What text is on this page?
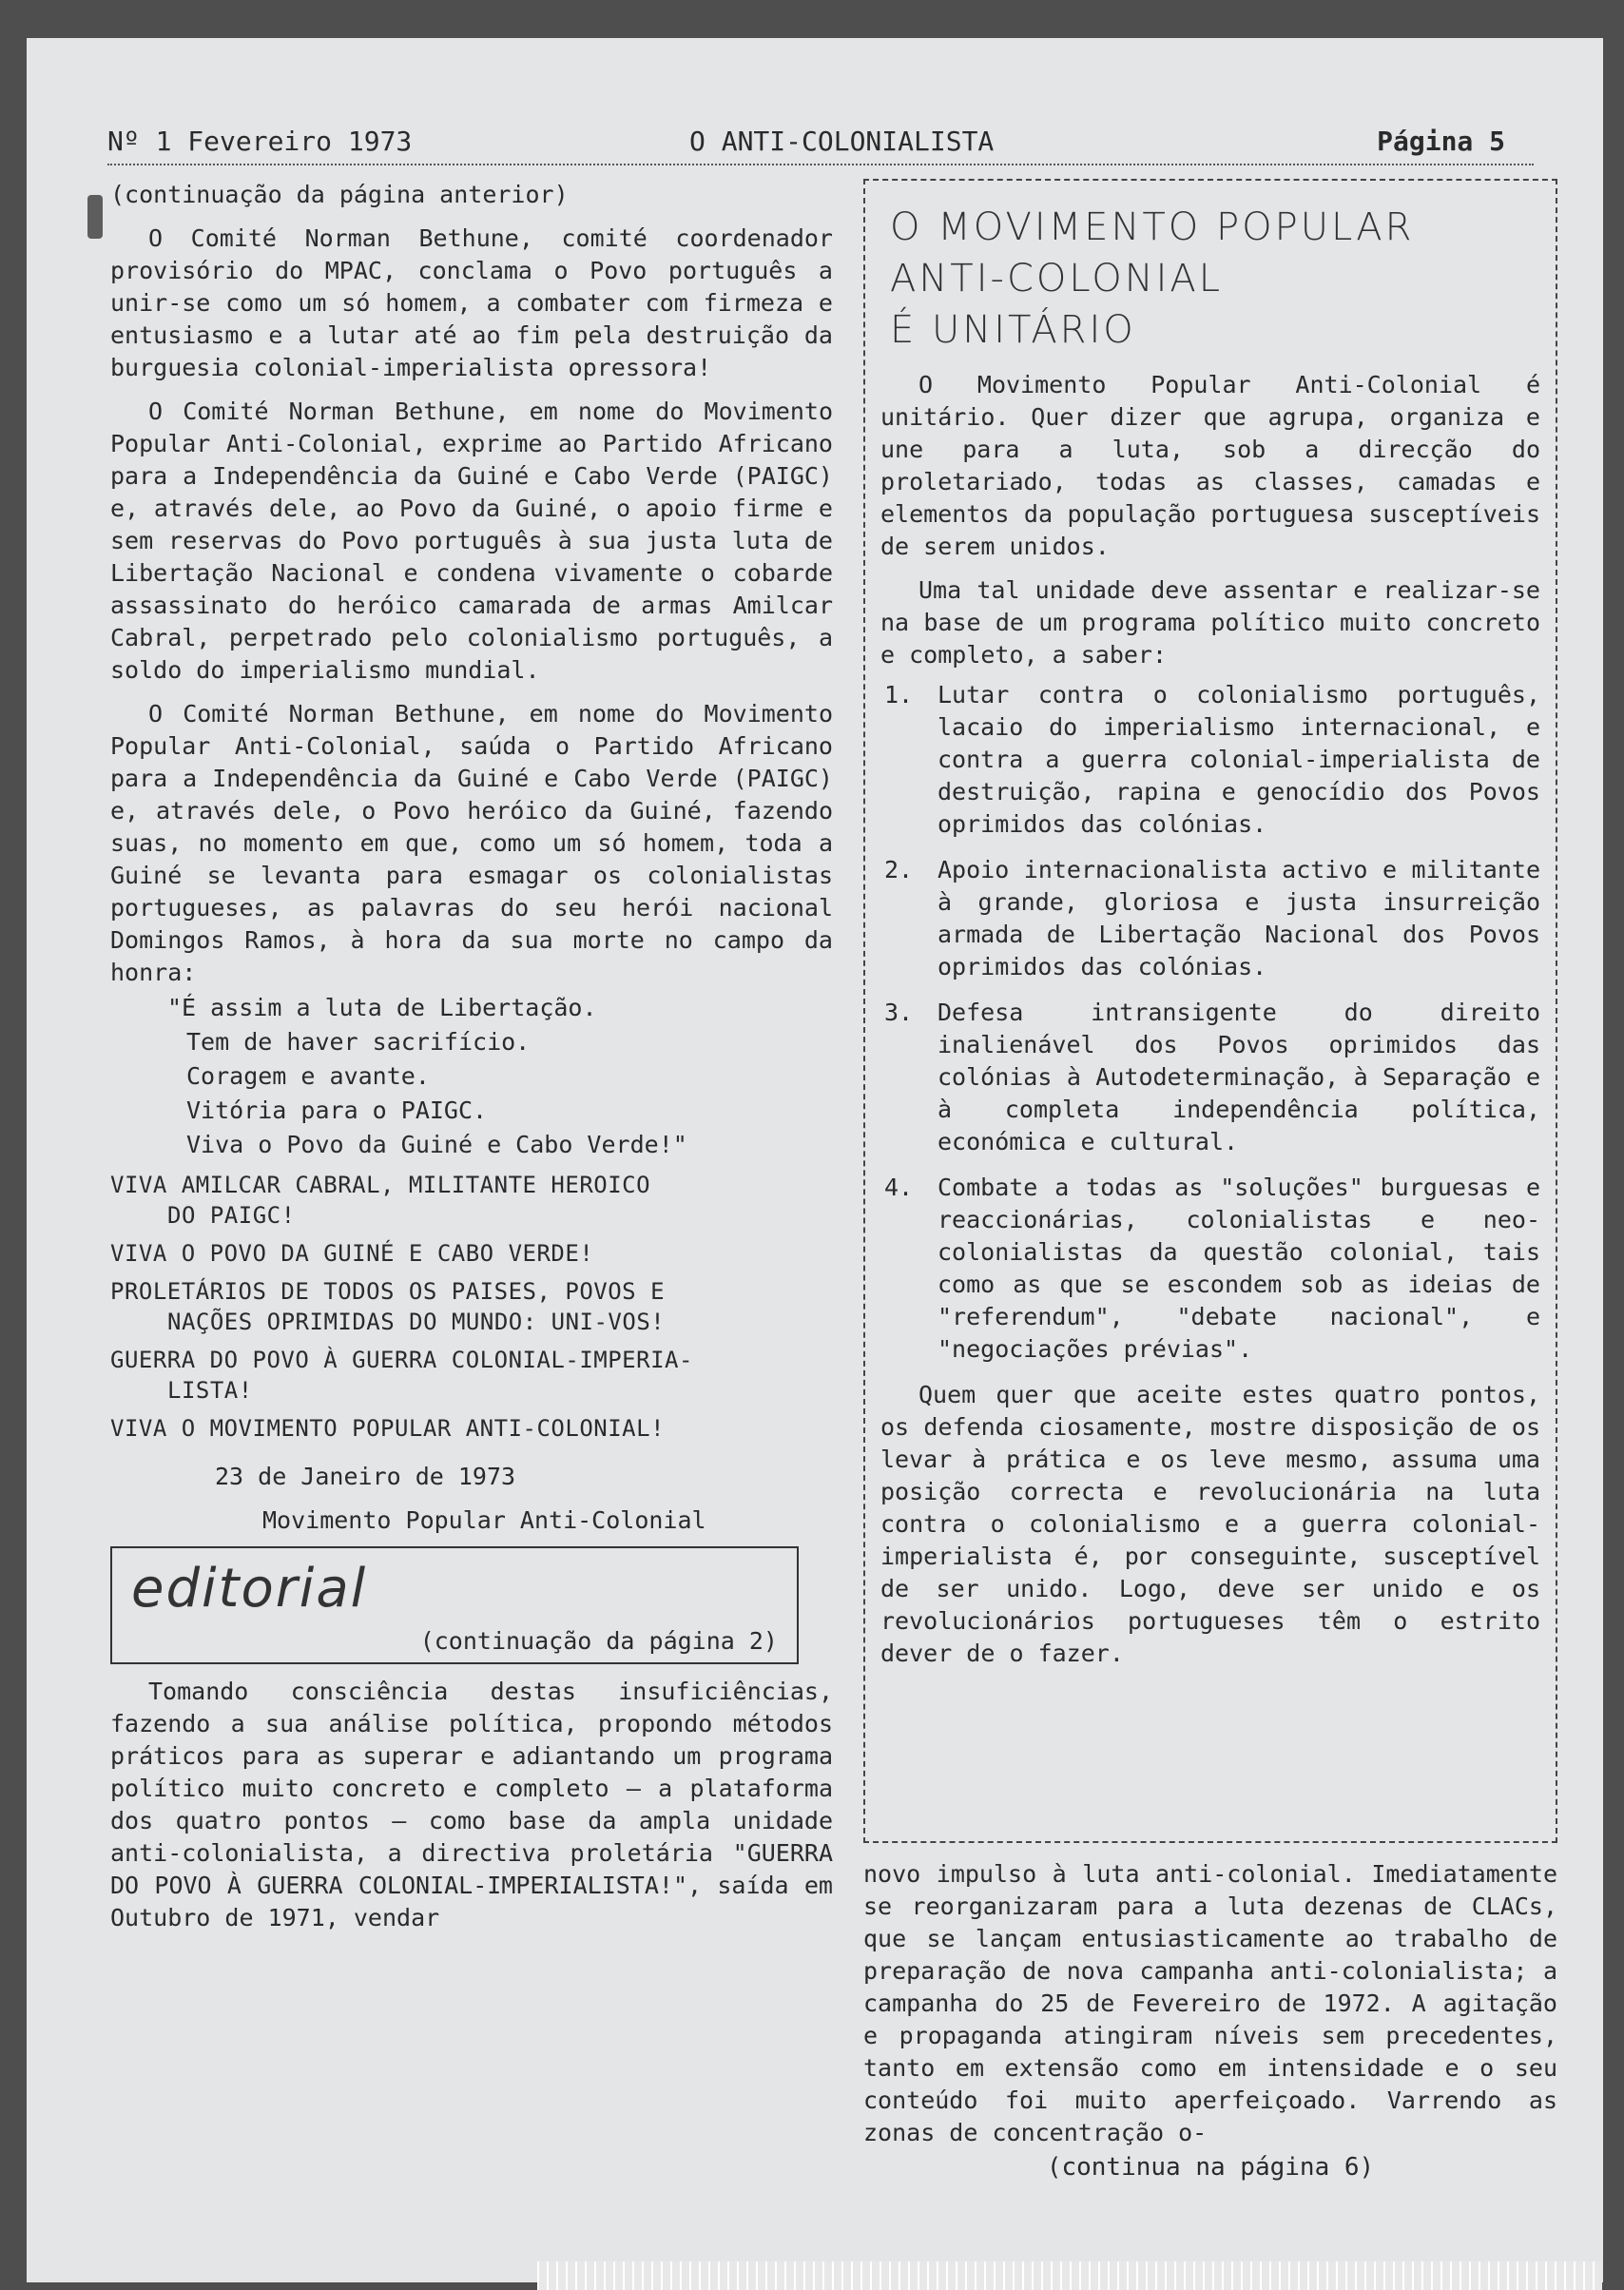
Nº 1 Fevereiro 1973	O ANTI-COLONIALISTA	Página 5

(continuação da página anterior)

O Comité Norman Bethune, comité coordenador provisório do MPAC, conclama o Povo português a unir-se como um só homem, a combater com firmeza e entusiasmo e a lutar até ao fim pela destruição da burguesia colonial-imperialista opressora!

O Comité Norman Bethune, em nome do Movimento Popular Anti-Colonial, exprime ao Partido Africano para a Independência da Guiné e Cabo Verde (PAIGC) e, através dele, ao Povo da Guiné, o apoio firme e sem reservas do Povo português à sua justa luta de Libertação Nacional e condena vivamente o cobarde assassinato do heróico camarada de armas Amilcar Cabral, perpetrado pelo colonialismo português, a soldo do imperialismo mundial.

O Comité Norman Bethune, em nome do Movimento Popular Anti-Colonial, saúda o Partido Africano para a Independência da Guiné e Cabo Verde (PAIGC) e, através dele, o Povo heróico da Guiné, fazendo suas, no momento em que, como um só homem, toda a Guiné se levanta para esmagar os colonialistas portugueses, as palavras do seu herói nacional Domingos Ramos, à hora da sua morte no campo da honra:

"É assim a luta de Libertação.
Tem de haver sacrifício.
Coragem e avante.
Vitória para o PAIGC.
Viva o Povo da Guiné e Cabo Verde!"
VIVA AMILCAR CABRAL, MILITANTE HEROICO
DO PAIGC!
VIVA O POVO DA GUINÉ E CABO VERDE!
PROLETÁRIOS DE TODOS OS PAISES, POVOS E
NAÇÕES OPRIMIDAS DO MUNDO: UNI-VOS!
GUERRA DO POVO À GUERRA COLONIAL-IMPERIA-
LISTA!
VIVA O MOVIMENTO POPULAR ANTI-COLONIAL!
23 de Janeiro de 1973
Movimento Popular Anti-Colonial
editorial
(continuação da página 2)

Tomando consciência destas insuficiências, fazendo a sua análise política, propondo métodos práticos para as superar e adiantando um programa político muito concreto e completo — a plataforma dos quatro pontos — como base da ampla unidade anti-colonialista, a directiva proletária "GUERRA DO POVO À GUERRA COLONIAL-IMPERIALISTA!", saída em Outubro de 1971, vendar

O MOVIMENTO POPULAR
ANTI-COLONIAL
É UNITÁRIO

O Movimento Popular Anti-Colonial é unitário. Quer dizer que agrupa, organiza e une para a luta, sob a direcção do proletariado, todas as classes, camadas e elementos da população portuguesa susceptíveis de serem unidos.

Uma tal unidade deve assentar e realizar-se na base de um programa político muito concreto e completo, a saber:

1.	Lutar contra o colonialismo português, lacaio do imperialismo internacional, e contra a guerra colonial-imperialista de destruição, rapina e genocídio dos Povos oprimidos das colónias.
2.	Apoio internacionalista activo e militante à grande, gloriosa e justa insurreição armada de Libertação Nacional dos Povos oprimidos das colónias.
3.	Defesa intransigente do direito inalienável dos Povos oprimidos das colónias à Autodeterminação, à Separação e à completa independência política, económica e cultural.
4.	Combate a todas as "soluções" burguesas e reaccionárias, colonialistas e neo-colonialistas da questão colonial, tais como as que se escondem sob as ideias de "referendum", "debate nacional", e "negociações prévias".

Quem quer que aceite estes quatro pontos, os defenda ciosamente, mostre disposição de os levar à prática e os leve mesmo, assuma uma posição correcta e revolucionária na luta contra o colonialismo e a guerra colonial-imperialista é, por conseguinte, susceptível de ser unido. Logo, deve ser unido e os revolucionários portugueses têm o estrito dever de o fazer.

novo impulso à luta anti-colonial. Imediatamente se reorganizaram para a luta dezenas de CLACs, que se lançam entusiasticamente ao trabalho de preparação de nova campanha anti-colonialista; a campanha do 25 de Fevereiro de 1972. A agitação e propaganda atingiram níveis sem precedentes, tanto em extensão como em intensidade e o seu conteúdo foi muito aperfeiçoado. Varrendo as zonas de concentração o-

(continua na página 6)
